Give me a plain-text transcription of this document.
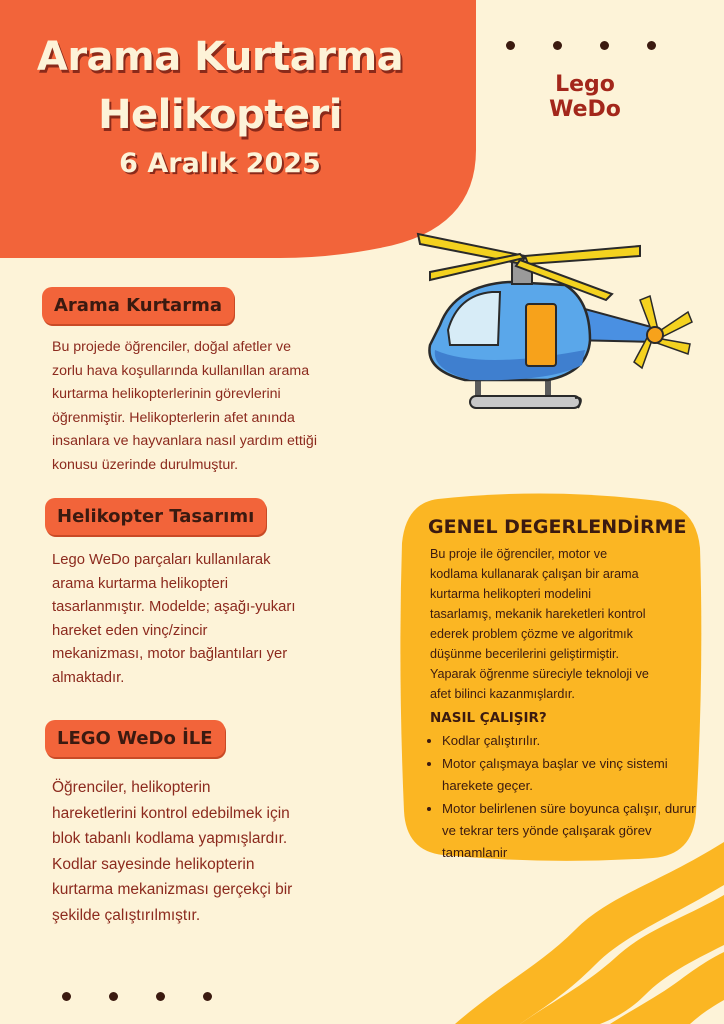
Arama Kurtarma
Helikopteri
6 Aralık 2025
Lego WeDo
Arama Kurtarma

Bu projede öğrenciler, doğal afetler ve

zorlu hava koşullarında kullanıllan arama

kurtarma helikopterlerinin görevlerini

öğrenmiştir. Helikopterlerin afet anında

insanlara ve hayvanlara nasıl yardım ettiği

konusu üzerinde durulmuştur.

Helikopter Tasarımı

Lego WeDo parçaları kullanılarak

arama kurtarma helikopteri

tasarlanmıştır. Modelde; aşağı-yukarı

hareket eden vinç/zincir

mekanizması, motor bağlantıları yer

almaktadır.

LEGO WeDo İLE

Öğrenciler, helikopterin

hareketlerini kontrol edebilmek için

blok tabanlı kodlama yapmışlardır.

Kodlar sayesinde helikopterin

kurtarma mekanizması gerçekçi bir

şekilde çalıştırılmıştır.

GENEL DEGERLENDİRME

Bu proje ile öğrenciler, motor ve

kodlama kullanarak çalışan bir arama

kurtarma helikopteri modelini

tasarlamış, mekanik hareketleri kontrol

ederek problem çözme ve algoritmık

düşünme becerilerini geliştirmiştir.

Yaparak öğrenme süreciyle teknoloji ve

afet bilinci kazanmışlardır.

NASIL ÇALIŞIR?
• Kodlar çalıştırılır.
• Motor çalışmaya başlar ve vinç sistemi harekete geçer.
• Motor belirlenen süre boyunca çalışır, durur ve tekrar ters yönde çalışarak görev tamamlanir
